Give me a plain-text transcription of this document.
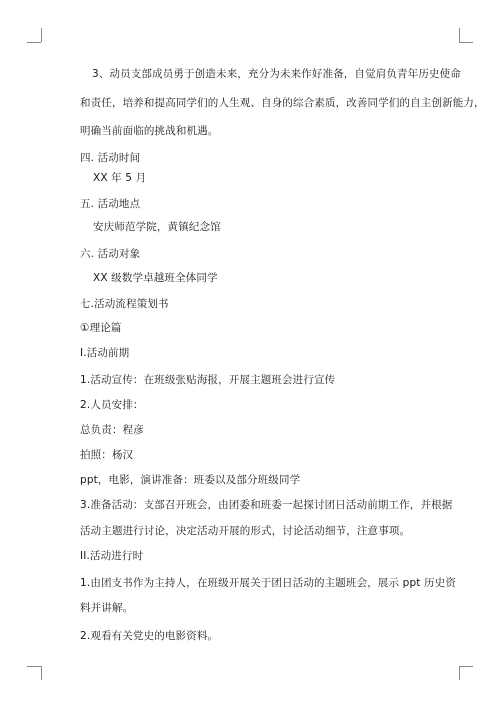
3、动员支部成员勇于创造未来，充分为未来作好准备，自觉肩负青年历史使命
和责任，培养和提高同学们的人生观、自身的综合素质，改善同学们的自主创新能力，
明确当前面临的挑战和机遇。
四. 活动时间
XX 年 5 月
五. 活动地点
安庆师范学院，黄镇纪念馆
六. 活动对象
XX 级数学卓越班全体同学
七.活动流程策划书
①理论篇
I.活动前期
1.活动宣传：在班级张贴海报，开展主题班会进行宣传
2.人员安排：
总负责：程彦
拍照：杨汉
ppt，电影，演讲准备：班委以及部分班级同学
3.准备活动：支部召开班会，由团委和班委一起探讨团日活动前期工作，并根据
活动主题进行讨论，决定活动开展的形式，讨论活动细节，注意事项。
II.活动进行时
1.由团支书作为主持人，在班级开展关于团日活动的主题班会，展示 ppt 历史资
料并讲解。
2.观看有关党史的电影资料。
